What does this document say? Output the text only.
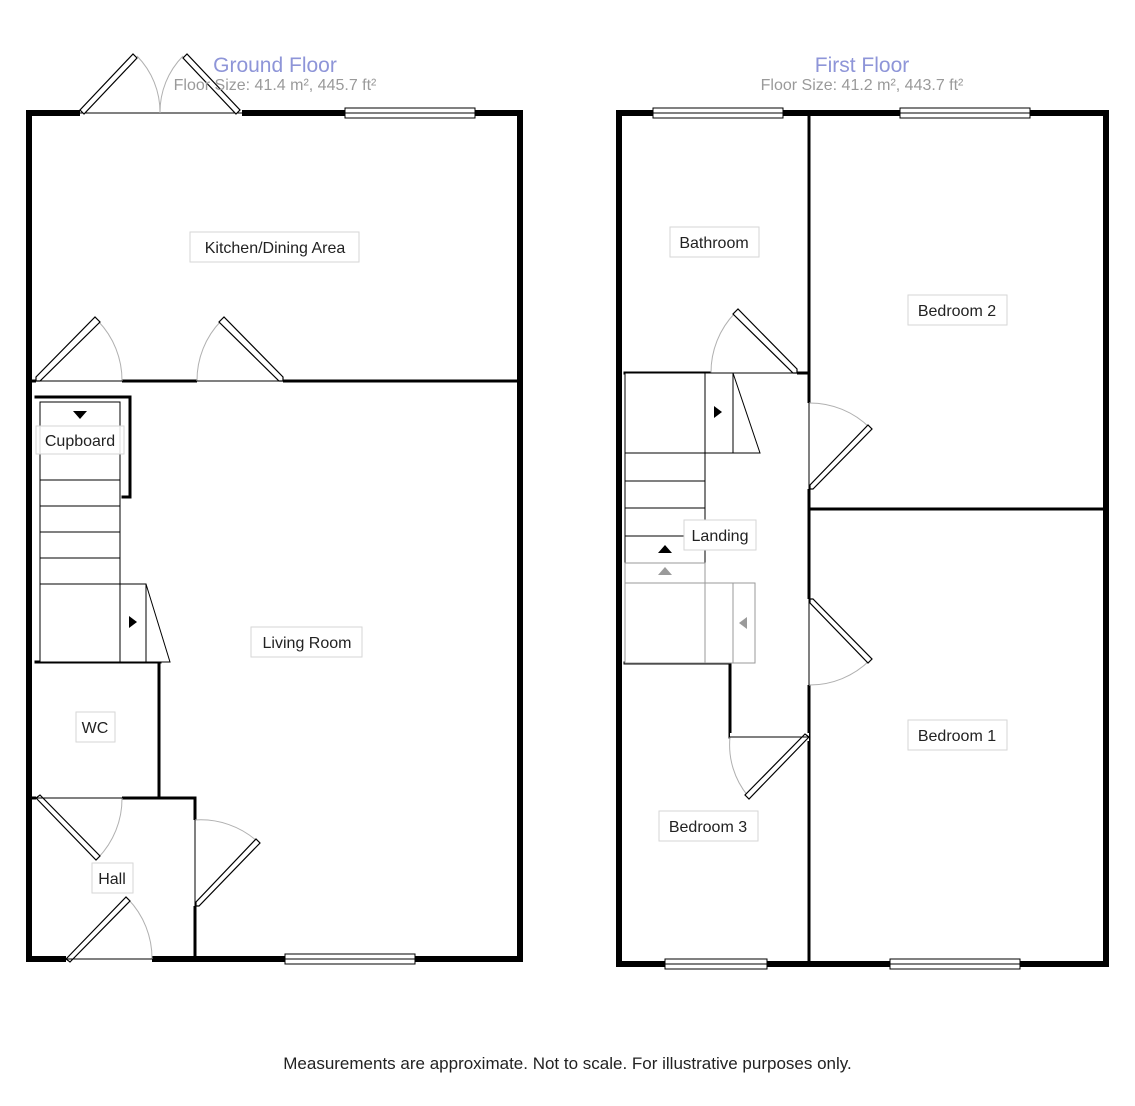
Ground Floor
Floor Size: 41.4 m², 445.7 ft²
Kitchen/Dining Area
Cupboard
Living Room
WC
Hall
First Floor
Floor Size: 41.2 m², 443.7 ft²
Bathroom
Bedroom 2
Landing
Bedroom 1
Bedroom 3
Measurements are approximate. Not to scale. For illustrative purposes only.
